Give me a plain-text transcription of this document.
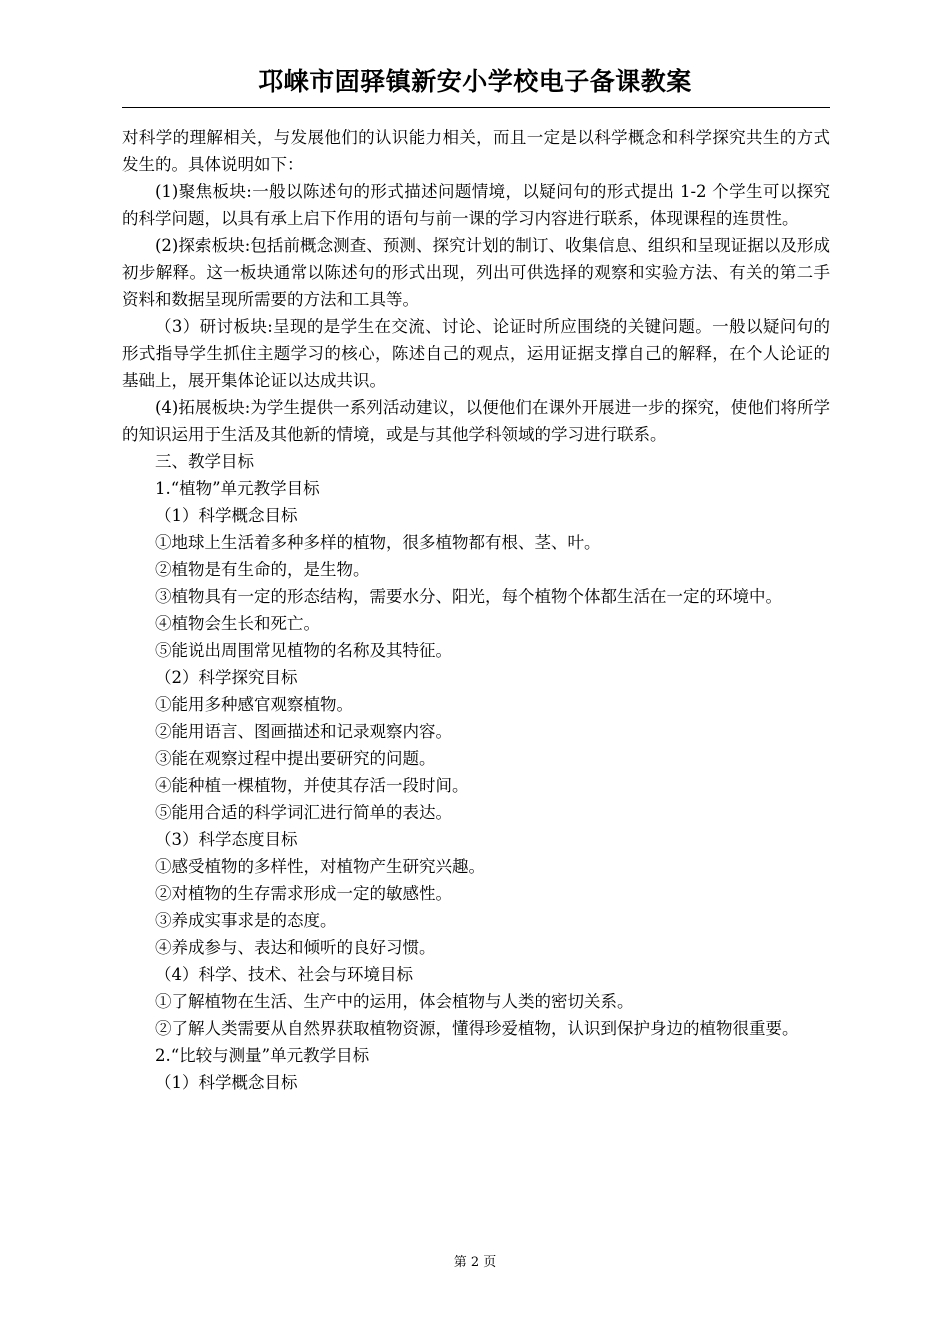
邛崃市固驿镇新安小学校电子备课教案

对科学的理解相关，与发展他们的认识能力相关，而且一定是以科学概念和科学探究共生的方式发生的。具体说明如下：

(1)聚焦板块:一般以陈述句的形式描述问题情境，以疑问句的形式提出 1-2 个学生可以探究的科学问题，以具有承上启下作用的语句与前一课的学习内容进行联系，体现课程的连贯性。

(2)探索板块:包括前概念测查、预测、探究计划的制订、收集信息、组织和呈现证据以及形成初步解释。这一板块通常以陈述句的形式出现，列出可供选择的观察和实验方法、有关的第二手资料和数据呈现所需要的方法和工具等。

（3）研讨板块:呈现的是学生在交流、讨论、论证时所应围绕的关键问题。一般以疑问句的形式指导学生抓住主题学习的核心，陈述自己的观点，运用证据支撑自己的解释，在个人论证的基础上，展开集体论证以达成共识。

(4)拓展板块:为学生提供一系列活动建议，以便他们在课外开展进一步的探究，使他们将所学的知识运用于生活及其他新的情境，或是与其他学科领域的学习进行联系。

三、教学目标

1.“植物”单元教学目标

（1）科学概念目标

①地球上生活着多种多样的植物，很多植物都有根、茎、叶。

②植物是有生命的，是生物。

③植物具有一定的形态结构，需要水分、阳光，每个植物个体都生活在一定的环境中。

④植物会生长和死亡。

⑤能说出周围常见植物的名称及其特征。

（2）科学探究目标

①能用多种感官观察植物。

②能用语言、图画描述和记录观察内容。

③能在观察过程中提出要研究的问题。

④能种植一棵植物，并使其存活一段时间。

⑤能用合适的科学词汇进行简单的表达。

（3）科学态度目标

①感受植物的多样性，对植物产生研究兴趣。

②对植物的生存需求形成一定的敏感性。

③养成实事求是的态度。

④养成参与、表达和倾听的良好习惯。

（4）科学、技术、社会与环境目标

①了解植物在生活、生产中的运用，体会植物与人类的密切关系。

②了解人类需要从自然界获取植物资源，懂得珍爱植物，认识到保护身边的植物很重要。

2.“比较与测量”单元教学目标

（1）科学概念目标

第 2 页
